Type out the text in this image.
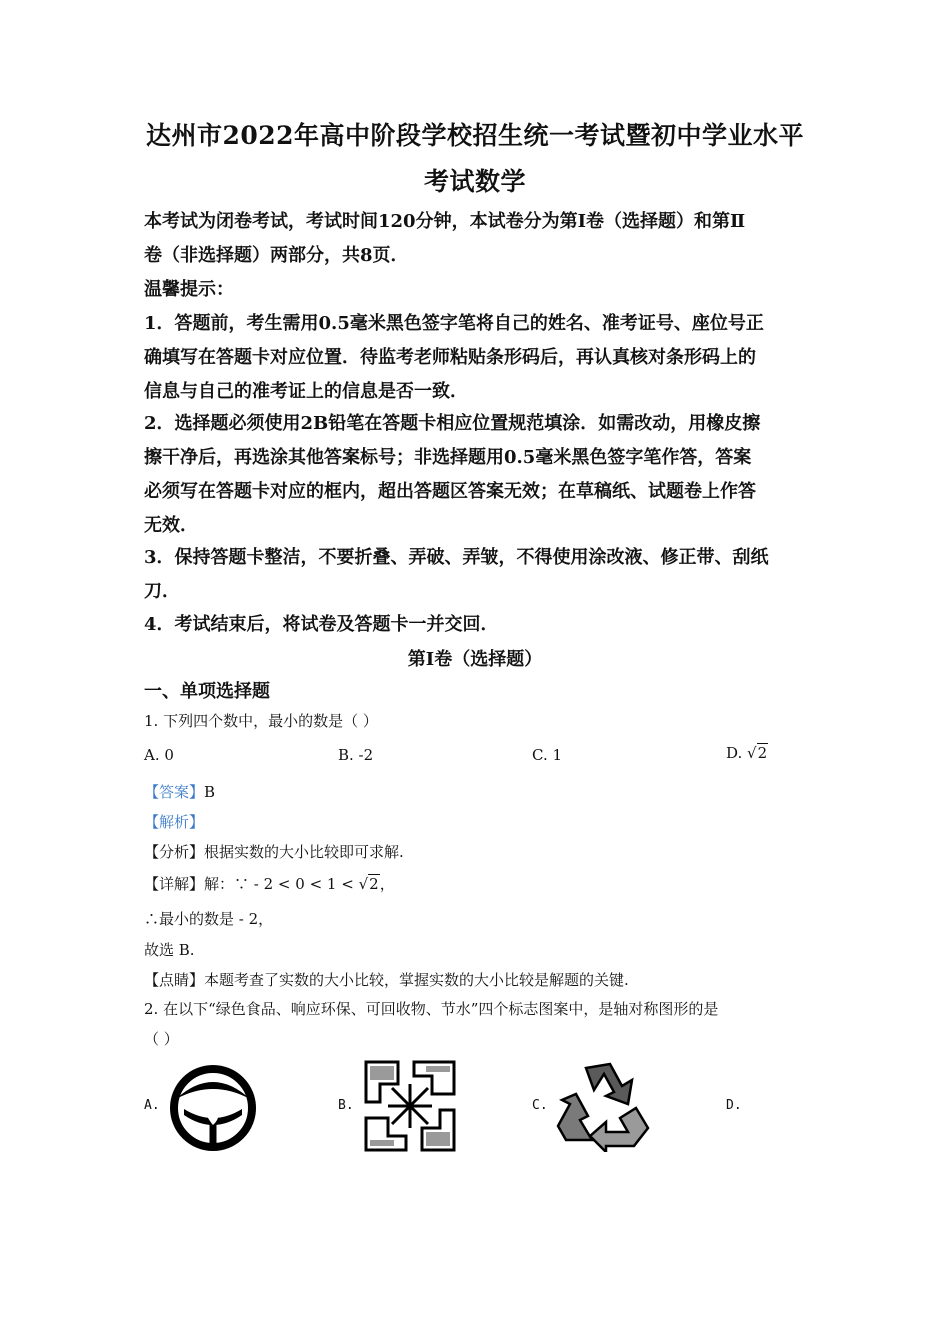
达州市2022年高中阶段学校招生统一考试暨初中学业水平
考试数学
本考试为闭卷考试，考试时间120分钟，本试卷分为第Ⅰ卷（选择题）和第Ⅱ
卷（非选择题）两部分，共8页．
温馨提示：
1．答题前，考生需用0.5毫米黑色签字笔将自己的姓名、准考证号、座位号正
确填写在答题卡对应位置．待监考老师粘贴条形码后，再认真核对条形码上的
信息与自己的准考证上的信息是否一致．
2．选择题必须使用2B铅笔在答题卡相应位置规范填涂．如需改动，用橡皮擦
擦干净后，再选涂其他答案标号；非选择题用0.5毫米黑色签字笔作答，答案
必须写在答题卡对应的框内，超出答题区答案无效；在草稿纸、试题卷上作答
无效．
3．保持答题卡整洁，不要折叠、弄破、弄皱，不得使用涂改液、修正带、刮纸
刀．
4．考试结束后，将试卷及答题卡一并交回．
第Ⅰ卷（选择题）
一、单项选择题
1. 下列四个数中，最小的数是（ ）
A. 0	B. -2	C. 1	D. √2
【答案】B
【解析】
【分析】根据实数的大小比较即可求解.
【详解】解：∵ - 2 < 0 < 1 < √2，
∴最小的数是 - 2，
故选 B.
【点睛】本题考查了实数的大小比较，掌握实数的大小比较是解题的关键.
2. 在以下“绿色食品、响应环保、可回收物、节水”四个标志图案中，是轴对称图形的是
（ ）
A.	B.	C.	D.
